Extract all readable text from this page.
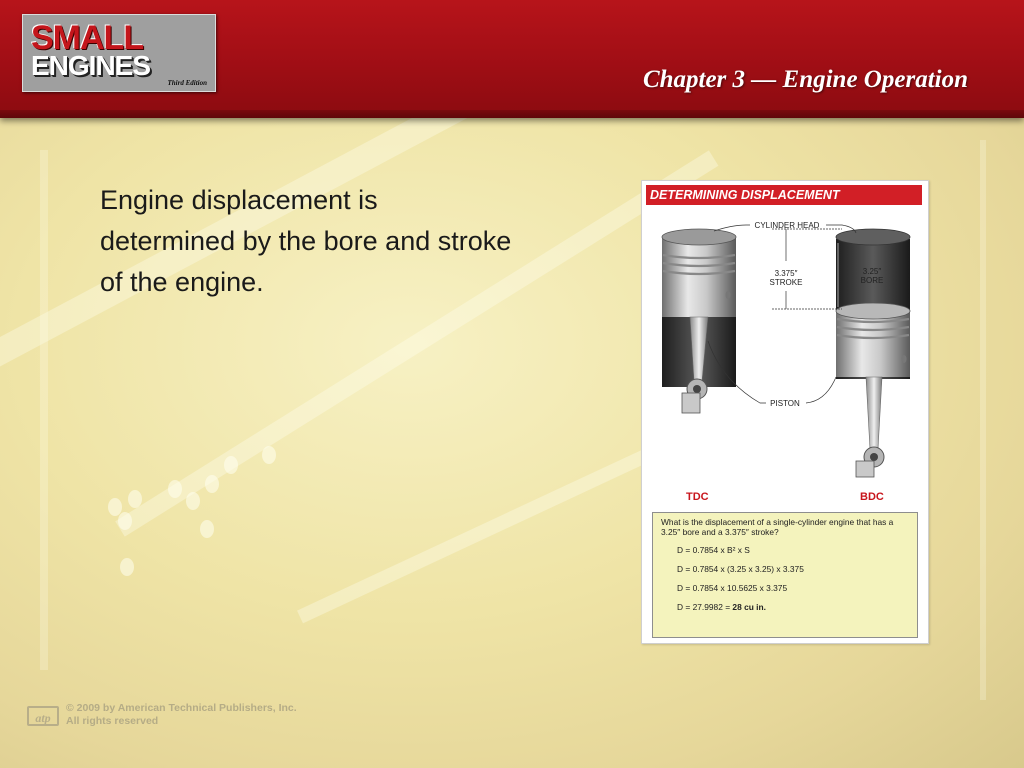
SMALL
ENGINES
Third Edition	Chapter 3 — Engine Operation

Engine displacement is determined by the bore and stroke of the engine.

DETERMINING DISPLACEMENT
CYLINDER HEAD
3.375″
STROKE
3.25″
BORE
PISTON
TDC	BDC

What is the displacement of a single-cylinder engine that has a 3.25″ bore and a 3.375″ stroke?

D = 0.7854 x B² x S

D = 0.7854 x (3.25 x 3.25) x 3.375

D = 0.7854 x 10.5625 x 3.375

D = 27.9982 = 28 cu in.

atp

© 2009 by American Technical Publishers, Inc.
All rights reserved
